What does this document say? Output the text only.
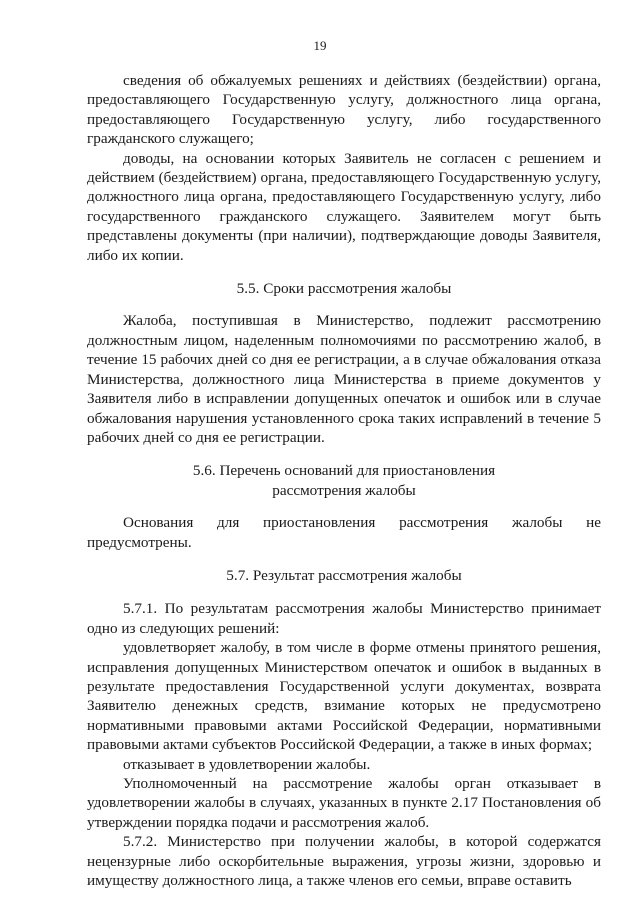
19

сведения об обжалуемых решениях и действиях (бездействии) органа, предоставляющего Государственную услугу, должностного лица органа, предоставляющего Государственную услугу, либо государственного гражданского служащего;

доводы, на основании которых Заявитель не согласен с решением и действием (бездействием) органа, предоставляющего Государственную услугу, должностного лица органа, предоставляющего Государственную услугу, либо государственного гражданского служащего. Заявителем могут быть представлены документы (при наличии), подтверждающие доводы Заявителя, либо их копии.

5.5. Сроки рассмотрения жалобы

Жалоба, поступившая в Министерство, подлежит рассмотрению должностным лицом, наделенным полномочиями по рассмотрению жалоб, в течение 15 рабочих дней со дня ее регистрации, а в случае обжалования отказа Министерства, должностного лица Министерства в приеме документов у Заявителя либо в исправлении допущенных опечаток и ошибок или в случае обжалования нарушения установленного срока таких исправлений в течение 5 рабочих дней со дня ее регистрации.

5.6. Перечень оснований для приостановления

рассмотрения жалобы

Основания для приостановления рассмотрения жалобы не предусмотрены.

5.7. Результат рассмотрения жалобы

5.7.1. По результатам рассмотрения жалобы Министерство принимает одно из следующих решений:

удовлетворяет жалобу, в том числе в форме отмены принятого решения, исправления допущенных Министерством опечаток и ошибок в выданных в результате предоставления Государственной услуги документах, возврата Заявителю денежных средств, взимание которых не предусмотрено нормативными правовыми актами Российской Федерации, нормативными правовыми актами субъектов Российской Федерации, а также в иных формах;

отказывает в удовлетворении жалобы.

Уполномоченный на рассмотрение жалобы орган отказывает в удовлетворении жалобы в случаях, указанных в пункте 2.17 Постановления об утверждении порядка подачи и рассмотрения жалоб.

5.7.2. Министерство при получении жалобы, в которой содержатся нецензурные либо оскорбительные выражения, угрозы жизни, здоровью и имуществу должностного лица, а также членов его семьи, вправе оставить
